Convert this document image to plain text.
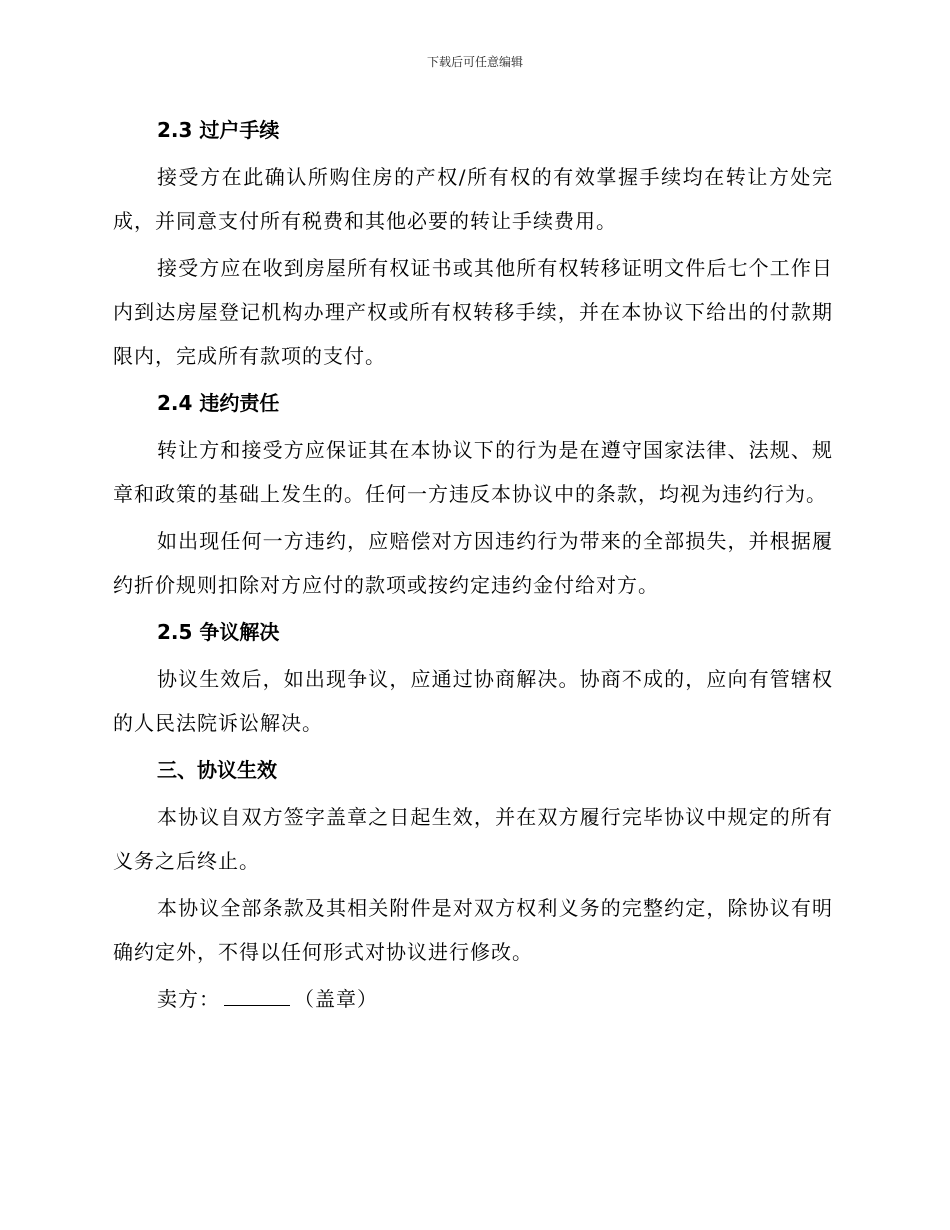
下载后可任意编辑
2.3 过户手续

接受方在此确认所购住房的产权/所有权的有效掌握手续均在转让方处完成，并同意支付所有税费和其他必要的转让手续费用。

接受方应在收到房屋所有权证书或其他所有权转移证明文件后七个工作日内到达房屋登记机构办理产权或所有权转移手续，并在本协议下给出的付款期限内，完成所有款项的支付。

2.4 违约责任

转让方和接受方应保证其在本协议下的行为是在遵守国家法律、法规、规章和政策的基础上发生的。任何一方违反本协议中的条款，均视为违约行为。

如出现任何一方违约，应赔偿对方因违约行为带来的全部损失，并根据履约折价规则扣除对方应付的款项或按约定违约金付给对方。

2.5 争议解决

协议生效后，如出现争议，应通过协商解决。协商不成的，应向有管辖权的人民法院诉讼解决。

三、协议生效

本协议自双方签字盖章之日起生效，并在双方履行完毕协议中规定的所有义务之后终止。

本协议全部条款及其相关附件是对双方权利义务的完整约定，除协议有明确约定外，不得以任何形式对协议进行修改。

卖方：	（盖章）
